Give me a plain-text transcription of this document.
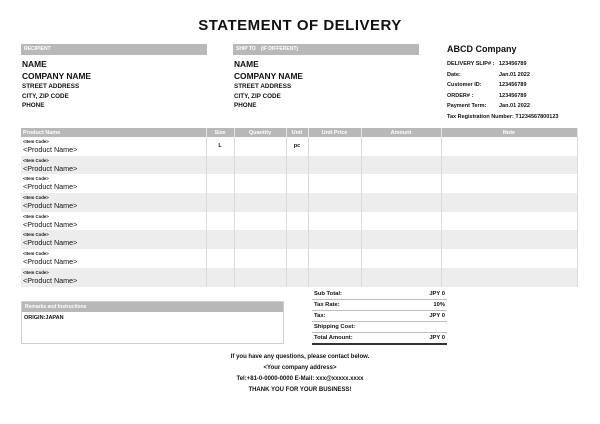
STATEMENT OF DELIVERY
RECIPIENT
NAME
COMPANY NAME
STREET ADDRESS
CITY, ZIP CODE
PHONE
SHIP TO　(IF DIFFERENT)
NAME
COMPANY NAME
STREET ADDRESS
CITY, ZIP CODE
PHONE
ABCD Company
DELIVERY SLIP# : 123456789
Date:	Jan.01 2022
Customer ID:	123456789
ORDER# :	123456789
Payment Term:	Jan.01 2022
Tax Registration Number: T1234567800123
Product Name	Size	Quantity	Unit	Unit Price	Amount	Note

<Item Code>
<Product Name>	L		pc			

<Item Code>
<Product Name>						

<Item Code>
<Product Name>						

<Item Code>
<Product Name>						

<Item Code>
<Product Name>						

<Item Code>
<Product Name>						

<Item Code>
<Product Name>						

<Item Code>
<Product Name>						

Remarks and Instructions
ORIGIN:JAPAN
Sub Total:	JPY 0
Tax Rate:	10%
Tax:	JPY 0
Shipping Cost:
Total Amount:	JPY 0
If you have any questions, please contact below.
<Your company address>
Tel:+81-0-0000-0000 E-Mail: xxx@xxxxx.xxxx
THANK YOU FOR YOUR BUSINESS!
